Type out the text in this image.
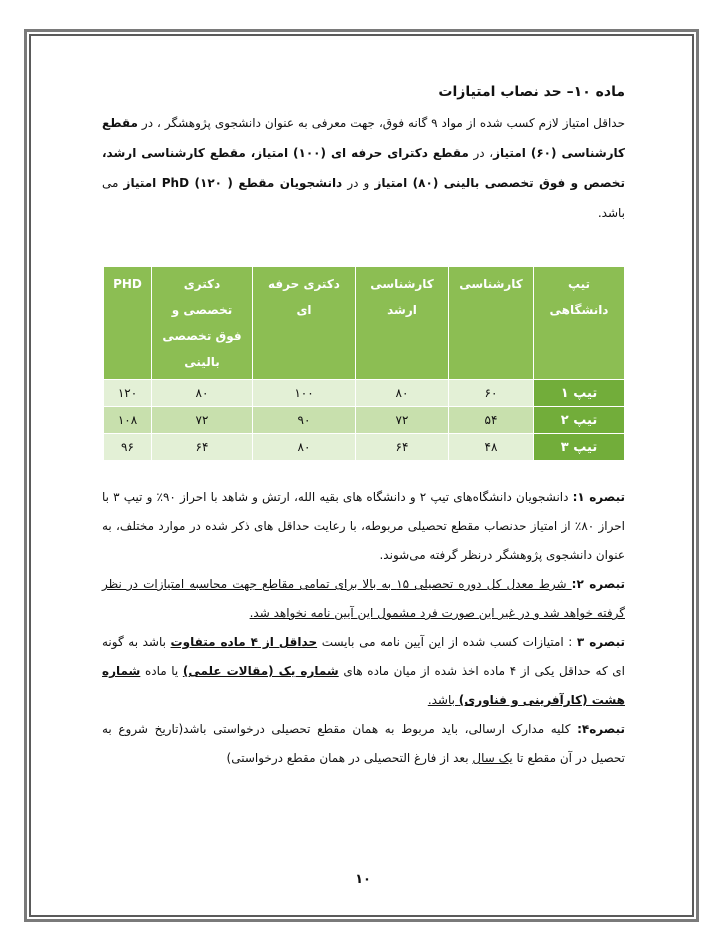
ماده ۱۰– حد نصاب امتیازات

حداقل امتیاز لازم کسب شده از مواد ۹ گانه فوق، جهت معرفی به عنوان دانشجوی پژوهشگر ، در مقطع کارشناسی (۶۰) امتیاز، در مقطع دکترای حرفه ای (۱۰۰) امتیاز، مقطع کارشناسی ارشد، تخصص و فوق تخصصی بالینی (۸۰) امتیاز و در دانشجویان مقطع PhD (۱۲۰ ) امتیاز می باشد.

تیپ دانشگاهی	کارشناسی	کارشناسی ارشد	دکتری حرفه ای	دکتری تخصصی و فوق تخصصی بالینی	PHD
تیپ ۱	۶۰	۸۰	۱۰۰	۸۰	۱۲۰
تیپ ۲	۵۴	۷۲	۹۰	۷۲	۱۰۸
تیپ ۳	۴۸	۶۴	۸۰	۶۴	۹۶

تبصره ۱: دانشجویان دانشگاه‌های تیپ ۲ و دانشگاه های بقیه الله، ارتش و شاهد با احراز ۹۰٪ و تیپ ۳ با احراز ۸۰٪ از امتیاز حدنصاب مقطع تحصیلی مربوطه، با رعایت حداقل های ذکر شده در موارد مختلف، به عنوان دانشجوی پژوهشگر درنظر گرفته می‌شوند.

تبصره ۲: شرط معدل کل دوره تحصیلی ۱۵ به بالا برای تمامی مقاطع جهت محاسبه امتیازات در نظر گرفته خواهد شد و در غیر این صورت فرد مشمول این آیین نامه نخواهد شد.

تبصره ۳ : امتیازات کسب شده از این آیین نامه می بایست حداقل از ۴ ماده متفاوت باشد به گونه ای که حداقل یکی از ۴ ماده اخذ شده از میان ماده های شماره یک (مقالات علمی) یا ماده شماره هشت (کارآفرینی و فناوری) باشد.

تبصره۴: کلیه مدارک ارسالی، باید مربوط به همان مقطع تحصیلی درخواستی باشد(تاریخ شروع به تحصیل در آن مقطع تا یک سال بعد از فارغ التحصیلی در همان مقطع درخواستی)

۱۰
